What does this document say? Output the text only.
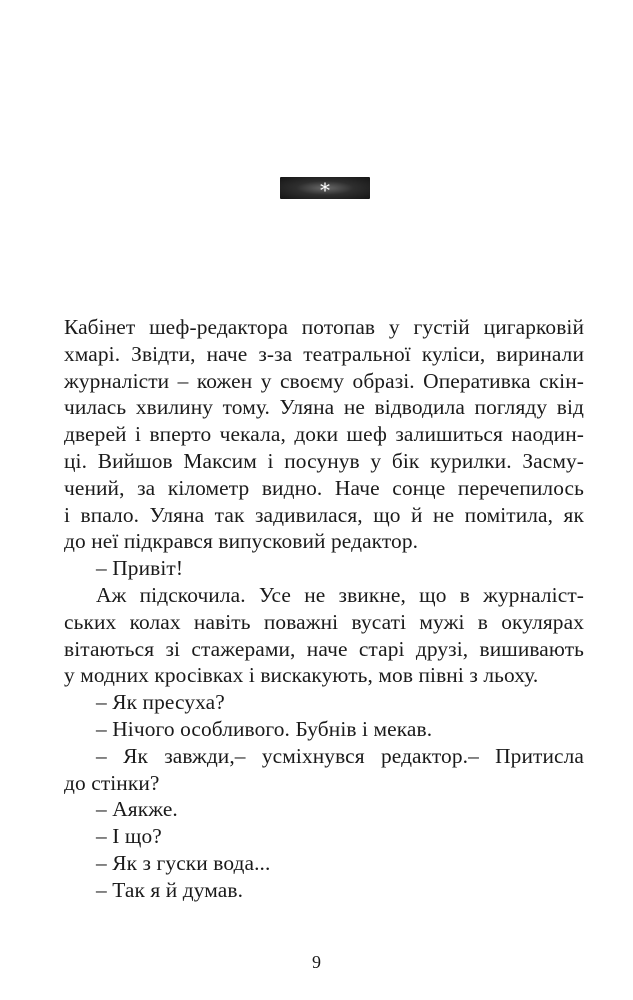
*
Кабінет шеф-редактора потопав у густій цигарковій
хмарі. Звідти, наче з-за театральної куліси, виринали
журналісти – кожен у своєму образі. Оперативка скін-
чилась хвилину тому. Уляна не відводила погляду від
дверей і вперто чекала, доки шеф залишиться наодин-
ці. Вийшов Максим і посунув у бік курилки. Засму-
чений, за кілометр видно. Наче сонце перечепилось
і впало. Уляна так задивилася, що й не помітила, як
до неї підкрався випусковий редактор.
– Привіт!
Аж підскочила. Усе не звикне, що в журналіст-
ських колах навіть поважні вусаті мужі в окулярах
вітаються зі стажерами, наче старі друзі, вишивають
у модних кросівках і вискакують, мов півні з льоху.
– Як пресуха?
– Нічого особливого. Бубнів і мекав.
– Як завжди,– усміхнувся редактор.– Притисла
до стінки?
– Аякже.
– І що?
– Як з гуски вода...
– Так я й думав.
9
